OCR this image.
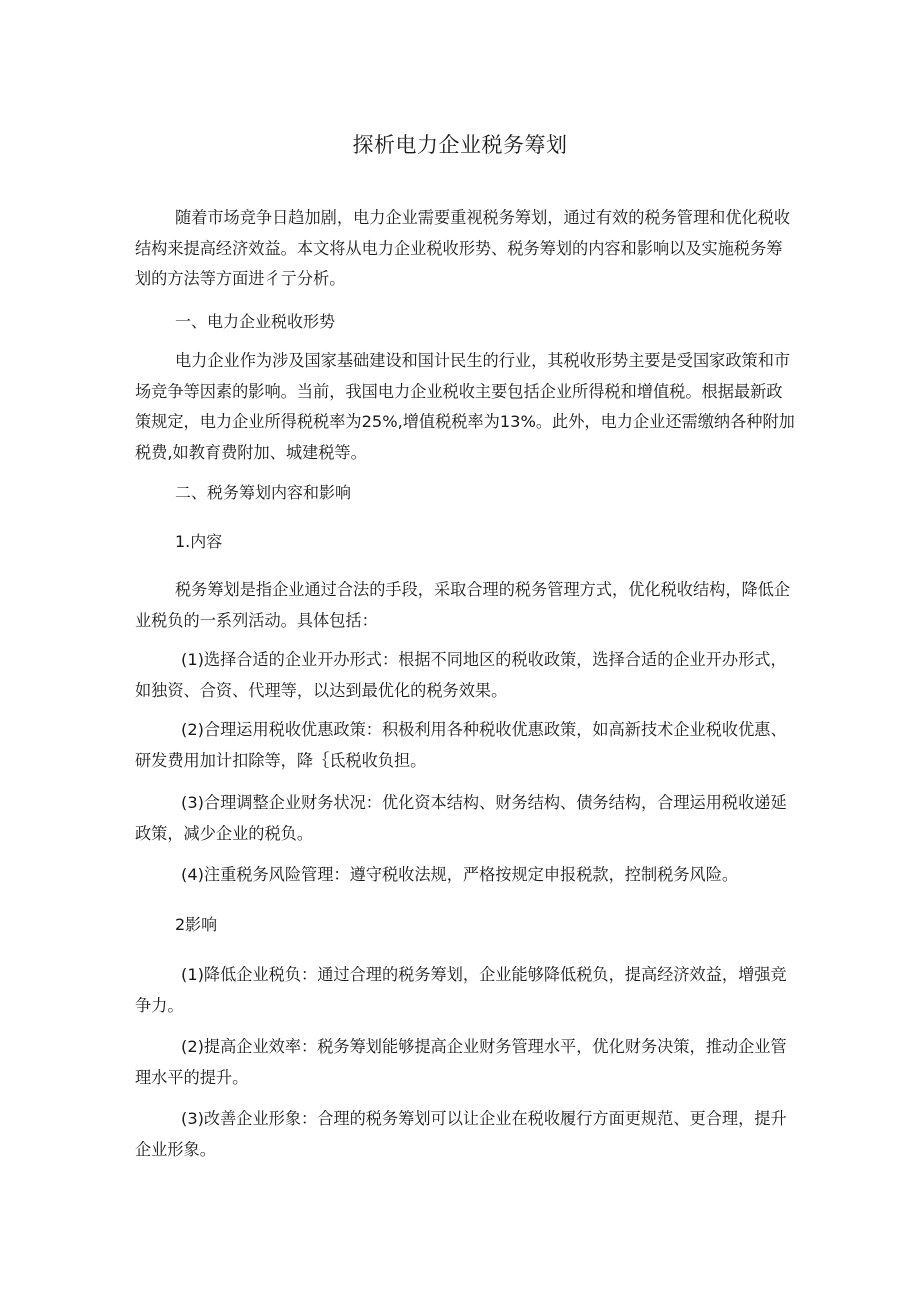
探析电力企业税务筹划

随着市场竞争日趋加剧，电力企业需要重视税务筹划，通过有效的税务管理和优化税收结构来提高经济效益。本文将从电力企业税收形势、税务筹划的内容和影响以及实施税务筹划的方法等方面进彳亍分析。

一、电力企业税收形势

电力企业作为涉及国家基础建设和国计民生的行业，其税收形势主要是受国家政策和市场竞争等因素的影响。当前，我国电力企业税收主要包括企业所得税和增值税。根据最新政策规定，电力企业所得税税率为25%,增值税税率为13%。此外，电力企业还需缴纳各种附加税费,如教育费附加、城建税等。

二、税务筹划内容和影响
1.内容

税务筹划是指企业通过合法的手段，采取合理的税务管理方式，优化税收结构，降低企业税负的一系列活动。具体包括：

(1)选择合适的企业开办形式：根据不同地区的税收政策，选择合适的企业开办形式，如独资、合资、代理等，以达到最优化的税务效果。

(2)合理运用税收优惠政策：积极利用各种税收优惠政策，如高新技术企业税收优惠、研发费用加计扣除等，降｛氐税收负担。

(3)合理调整企业财务状况：优化资本结构、财务结构、债务结构，合理运用税收递延政策，减少企业的税负。

(4)注重税务风险管理：遵守税收法规，严格按规定申报税款，控制税务风险。

2影响

(1)降低企业税负：通过合理的税务筹划，企业能够降低税负，提高经济效益，增强竞争力。

(2)提高企业效率：税务筹划能够提高企业财务管理水平，优化财务决策，推动企业管理水平的提升。

(3)改善企业形象：合理的税务筹划可以让企业在税收履行方面更规范、更合理，提升企业形象。
